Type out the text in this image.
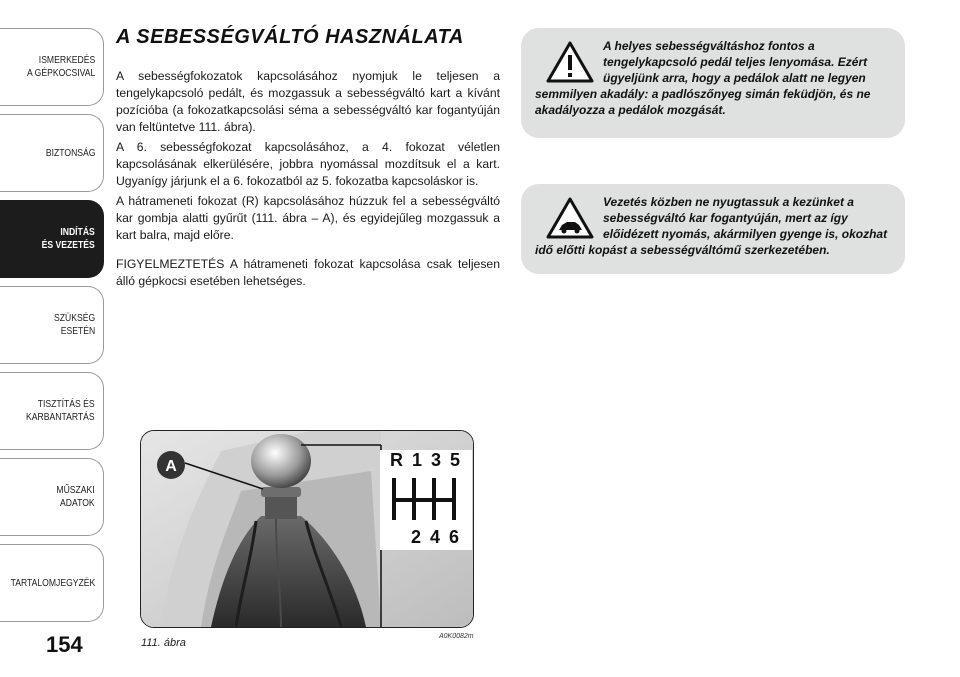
ISMERKEDÉS
A GÉPKOCSIVAL
BIZTONSÁG
INDÍTÁS
ÉS VEZETÉS
SZÜKSÉG
ESETÉN
TISZTÍTÁS ÉS
KARBANTARTÁS
MŰSZAKI
ADATOK
TARTALOMJEGYZÉK
154
A SEBESSÉGVÁLTÓ HASZNÁLATA

A sebességfokozatok kapcsolásához nyomjuk le teljesen a tengelykapcsoló pedált, és mozgassuk a sebességváltó kart a kívánt pozícióba (a fokozatkapcsolási séma a sebességváltó kar fogantyúján van feltüntetve 111. ábra).

A 6. sebességfokozat kapcsolásához, a 4. fokozat véletlen kapcsolásának elkerülésére, jobbra nyomással mozdítsuk el a kart. Ugyanígy járjunk el a 6. fokozatból az 5. fokozatba kapcsoláskor is.

A hátrameneti fokozat (R) kapcsolásához húzzuk fel a sebességváltó kar gombja alatti gyűrűt (111. ábra – A), és egyidejűleg mozgassuk a kart balra, majd előre.

FIGYELMEZTETÉS A hátrameneti fokozat kapcsolása csak teljesen álló gépkocsi esetében lehetséges.

A helyes sebességváltáshoz fontos a tengelykapcsoló pedál teljes lenyomása. Ezért ügyeljünk arra, hogy a pedálok alatt ne legyen semmilyen akadály: a padlószőnyeg simán feküdjön, és ne akadályozza a pedálok mozgását.
Vezetés közben ne nyugtassuk a kezünket a sebességváltó kar fogantyúján, mert az így előidézett nyomás, akármilyen gyenge is, okozhat idő előtti kopást a sebességváltómű szerkezetében.
A	R 1 3 5
2 4 6
111. ábra
A0K0082m
